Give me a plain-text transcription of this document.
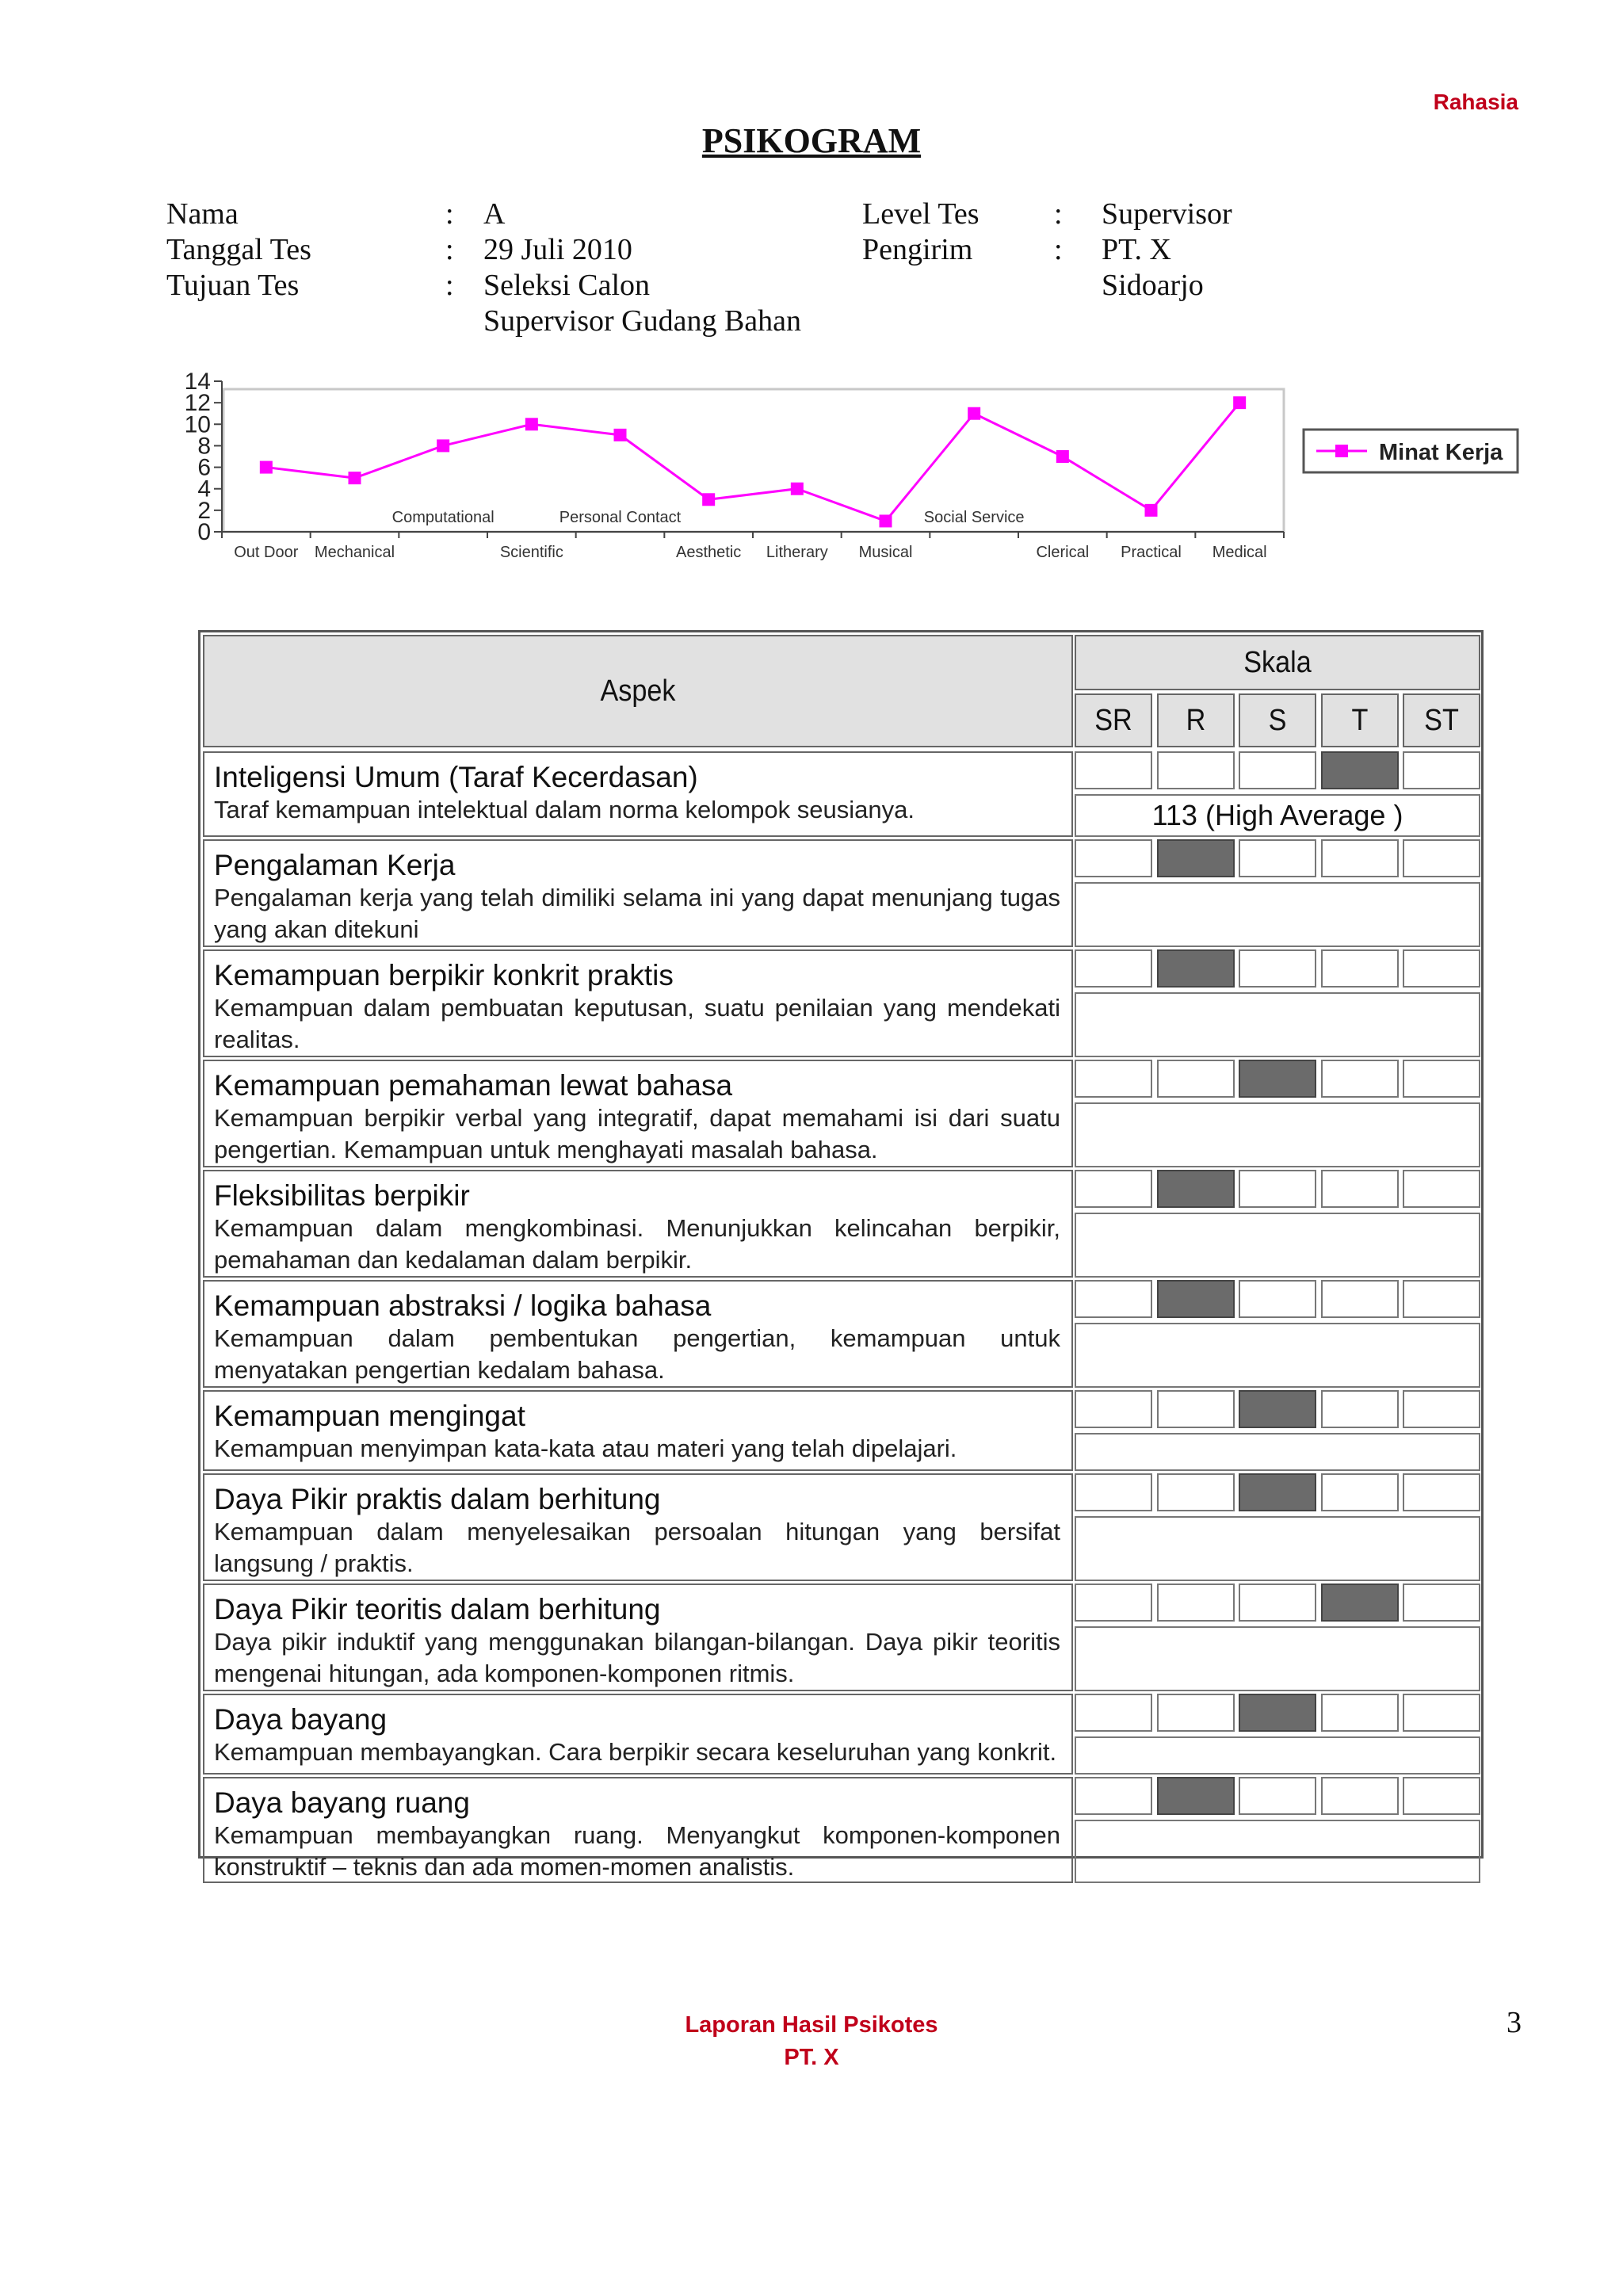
Rahasia
PSIKOGRAM
Nama	: A
Tanggal Tes	: 29 Juli 2010
Tujuan Tes	: Seleksi Calon
Supervisor Gudang Bahan
Level Tes	:	Supervisor
Pengirim	:	PT. X
Sidoarjo
0
2
4
6
8
10
12
14
Out Door Mechanical
Computational
Scientific
Personal Contact
Aesthetic Litherary Musical
Social Service
Clerical Practical Medical
Minat Kerja
Aspek
Skala
SR	R	S	T	ST
Inteligensi Umum (Taraf Kecerdasan)
Taraf kemampuan intelektual dalam norma kelompok seusianya.	113 (High Average )
Pengalaman Kerja
Pengalaman kerja yang telah dimiliki selama ini yang dapat menunjang tugas yang akan ditekuni
Kemampuan berpikir konkrit praktis
Kemampuan dalam pembuatan keputusan, suatu penilaian yang mendekati realitas.
Kemampuan pemahaman lewat bahasa
Kemampuan berpikir verbal yang integratif, dapat memahami isi dari suatu pengertian. Kemampuan untuk menghayati masalah bahasa.
Fleksibilitas berpikir
Kemampuan dalam mengkombinasi. Menunjukkan kelincahan berpikir, pemahaman dan kedalaman dalam berpikir.
Kemampuan abstraksi / logika bahasa
Kemampuan dalam pembentukan pengertian, kemampuan untuk menyatakan pengertian kedalam bahasa.
Kemampuan mengingat
Kemampuan menyimpan kata-kata atau materi yang telah dipelajari.
Daya Pikir praktis dalam berhitung
Kemampuan dalam menyelesaikan persoalan hitungan yang bersifat langsung / praktis.
Daya Pikir teoritis dalam berhitung
Daya pikir induktif yang menggunakan bilangan-bilangan. Daya pikir teoritis mengenai hitungan, ada komponen-komponen ritmis.
Daya bayang
Kemampuan membayangkan. Cara berpikir secara keseluruhan yang konkrit.
Daya bayang ruang
Kemampuan membayangkan ruang. Menyangkut komponen-komponen konstruktif – teknis dan ada momen-momen analistis.
Laporan Hasil Psikotes
PT. X
3
